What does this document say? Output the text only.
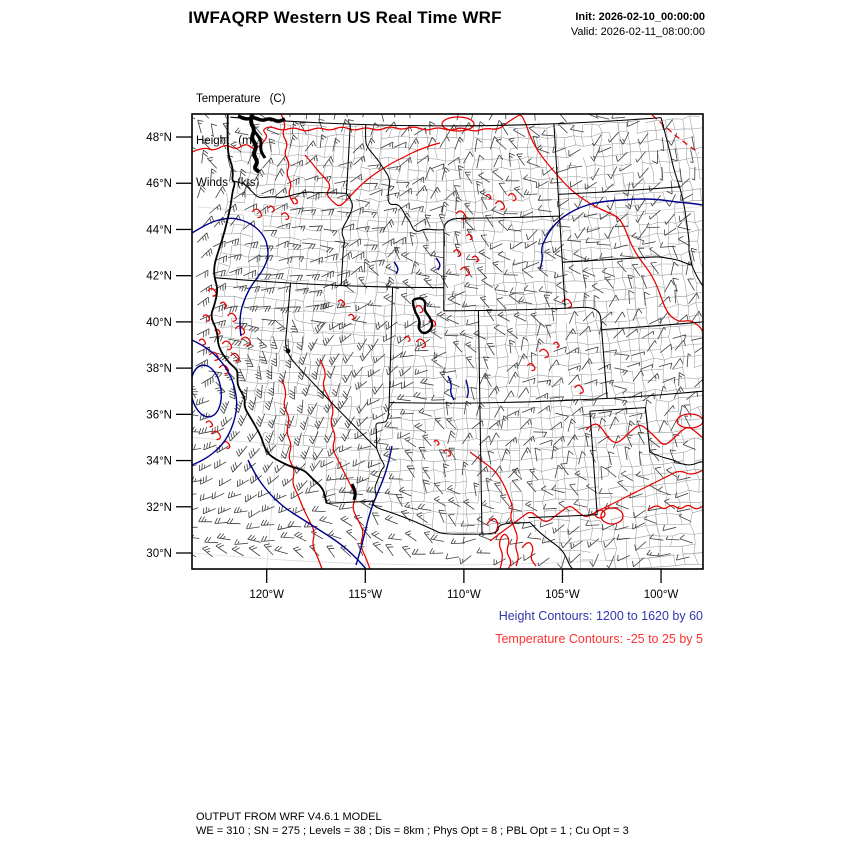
IWFAQRP Western US Real Time WRF	Init: 2026-02-10_00:00:00
Valid: 2026-02-11_08:00:00

Temperature (C)

Height (m)

Winds (kts)

48°N
46°N
44°N
42°N
40°N
38°N
36°N
34°N
32°N
30°N
120°W	115°W	110°W	105°W	100°W
Height Contours: 1200 to 1620 by 60
Temperature Contours: -25 to 25 by 5
OUTPUT FROM WRF V4.6.1 MODEL
WE = 310 ; SN = 275 ; Levels = 38 ; Dis = 8km ; Phys Opt = 8 ; PBL Opt = 1 ; Cu Opt = 3
